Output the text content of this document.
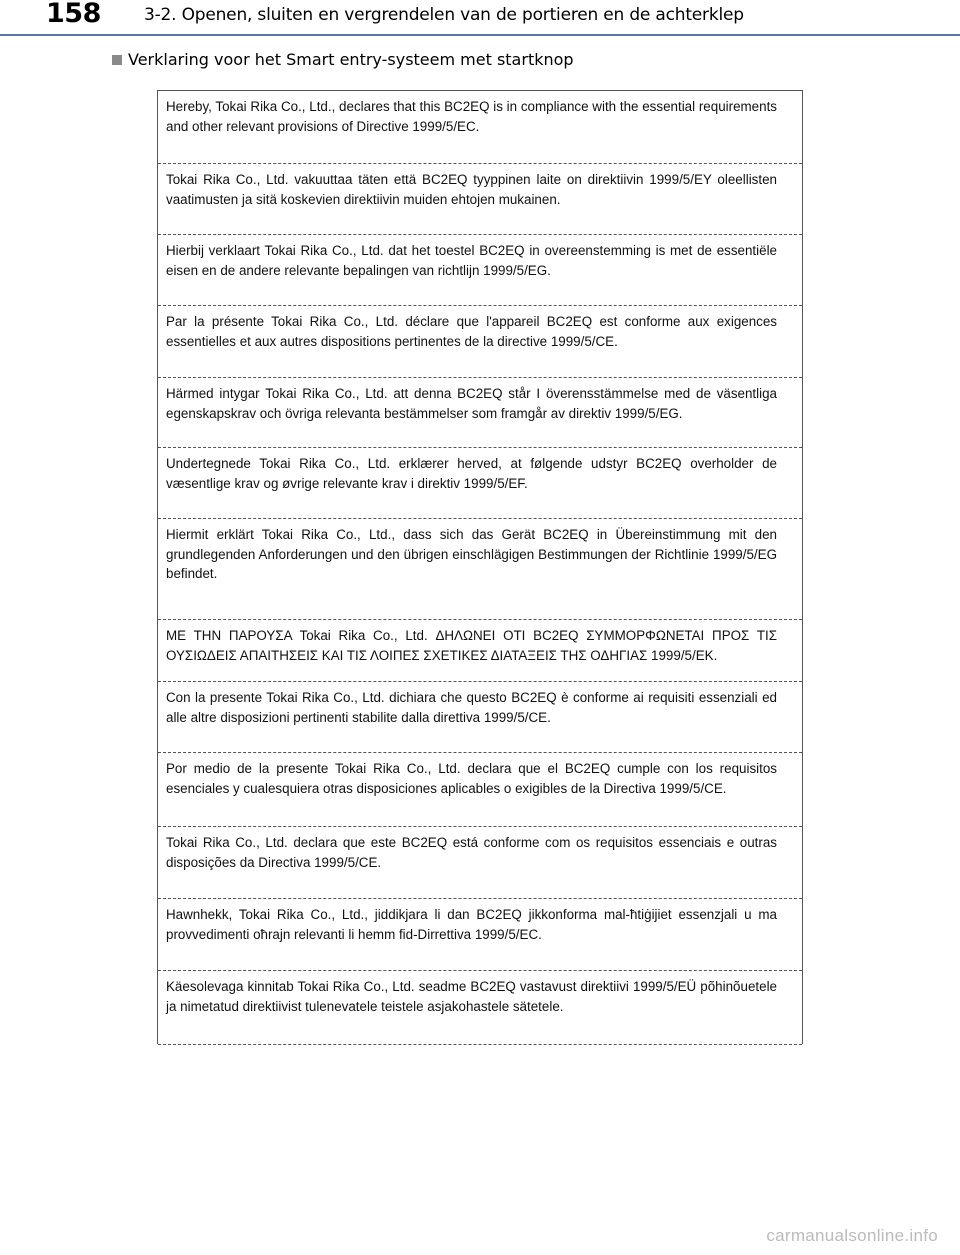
158	3-2. Openen, sluiten en vergrendelen van de portieren en de achterklep
Verklaring voor het Smart entry-systeem met startknop

Hereby, Tokai Rika Co., Ltd., declares that this BC2EQ is in compliance with the essential requirements and other relevant provisions of Directive 1999/5/EC.

Tokai Rika Co., Ltd. vakuuttaa täten että BC2EQ tyyppinen laite on direktiivin 1999/5/EY oleellisten vaatimusten ja sitä koskevien direktiivin muiden ehtojen mukainen.

Hierbij verklaart Tokai Rika Co., Ltd. dat het toestel BC2EQ in overeenstemming is met de essentiële eisen en de andere relevante bepalingen van richtlijn 1999/5/EG.

Par la présente Tokai Rika Co., Ltd. déclare que l'appareil BC2EQ est conforme aux exigences essentielles et aux autres dispositions pertinentes de la directive 1999/5/CE.

Härmed intygar Tokai Rika Co., Ltd. att denna BC2EQ står I överensstämmelse med de väsentliga egenskapskrav och övriga relevanta bestämmelser som framgår av direktiv 1999/5/EG.

Undertegnede Tokai Rika Co., Ltd. erklærer herved, at følgende udstyr BC2EQ overholder de væsentlige krav og øvrige relevante krav i direktiv 1999/5/EF.

Hiermit erklärt Tokai Rika Co., Ltd., dass sich das Gerät BC2EQ in Übereinstimmung mit den grundlegenden Anforderungen und den übrigen einschlägigen Bestimmungen der Richtlinie 1999/5/EG befindet.

ΜΕ ΤΗΝ ΠΑΡΟΥΣΑ Tokai Rika Co., Ltd. ΔΗΛΩΝΕΙ ΟΤΙ BC2EQ ΣΥΜΜΟΡΦΩΝΕΤΑΙ ΠΡΟΣ ΤΙΣ ΟΥΣΙΩΔΕΙΣ ΑΠΑΙΤΗΣΕΙΣ ΚΑΙ ΤΙΣ ΛΟΙΠΕΣ ΣΧΕΤΙΚΕΣ ΔΙΑΤΑΞΕΙΣ ΤΗΣ ΟΔΗΓΙΑΣ 1999/5/ΕΚ.

Con la presente Tokai Rika Co., Ltd. dichiara che questo BC2EQ è conforme ai requisiti essenziali ed alle altre disposizioni pertinenti stabilite dalla direttiva 1999/5/CE.

Por medio de la presente Tokai Rika Co., Ltd. declara que el BC2EQ cumple con los requisitos esenciales y cualesquiera otras disposiciones aplicables o exigibles de la Directiva 1999/5/CE.

Tokai Rika Co., Ltd. declara que este BC2EQ está conforme com os requisitos essenciais e outras disposições da Directiva 1999/5/CE.

Hawnhekk, Tokai Rika Co., Ltd., jiddikjara li dan BC2EQ jikkonforma mal-ħtiġijiet essenzjali u ma provvedimenti oħrajn relevanti li hemm fid-Dirrettiva 1999/5/EC.

Käesolevaga kinnitab Tokai Rika Co., Ltd. seadme BC2EQ vastavust direktiivi 1999/5/EÜ põhinõuetele ja nimetatud direktiivist tulenevatele teistele asjakohastele sätetele.

carmanualsonline.info
